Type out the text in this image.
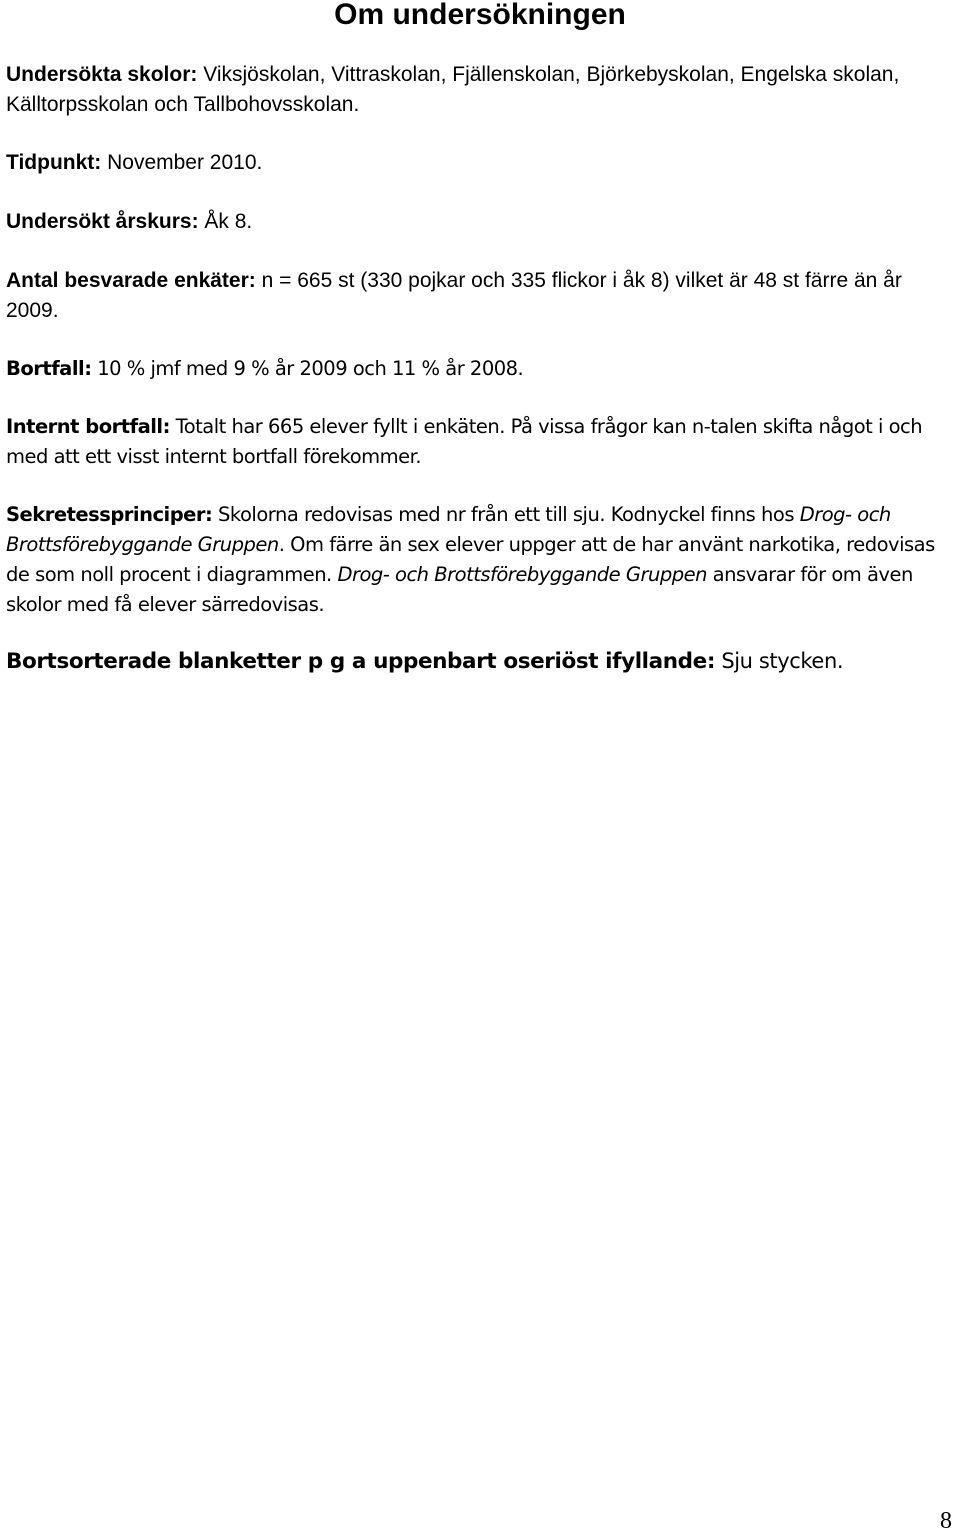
Om undersökningen

Undersökta skolor: Viksjöskolan, Vittraskolan, Fjällenskolan, Björkebyskolan, Engelska skolan, Källtorpsskolan och Tallbohovsskolan.

Tidpunkt: November 2010.

Undersökt årskurs: Åk 8.

Antal besvarade enkäter: n = 665 st (330 pojkar och 335 flickor i åk 8) vilket är 48 st färre än år 2009.

Bortfall: 10 % jmf med 9 % år 2009 och 11 % år 2008.

Internt bortfall: Totalt har 665 elever fyllt i enkäten. På vissa frågor kan n-talen skifta något i och med att ett visst internt bortfall förekommer.

Sekretessprinciper: Skolorna redovisas med nr från ett till sju. Kodnyckel finns hos Drog- och Brottsförebyggande Gruppen. Om färre än sex elever uppger att de har använt narkotika, redovisas de som noll procent i diagrammen. Drog- och Brottsförebyggande Gruppen ansvarar för om även skolor med få elever särredovisas.

Bortsorterade blanketter p g a uppenbart oseriöst ifyllande: Sju stycken.

8
